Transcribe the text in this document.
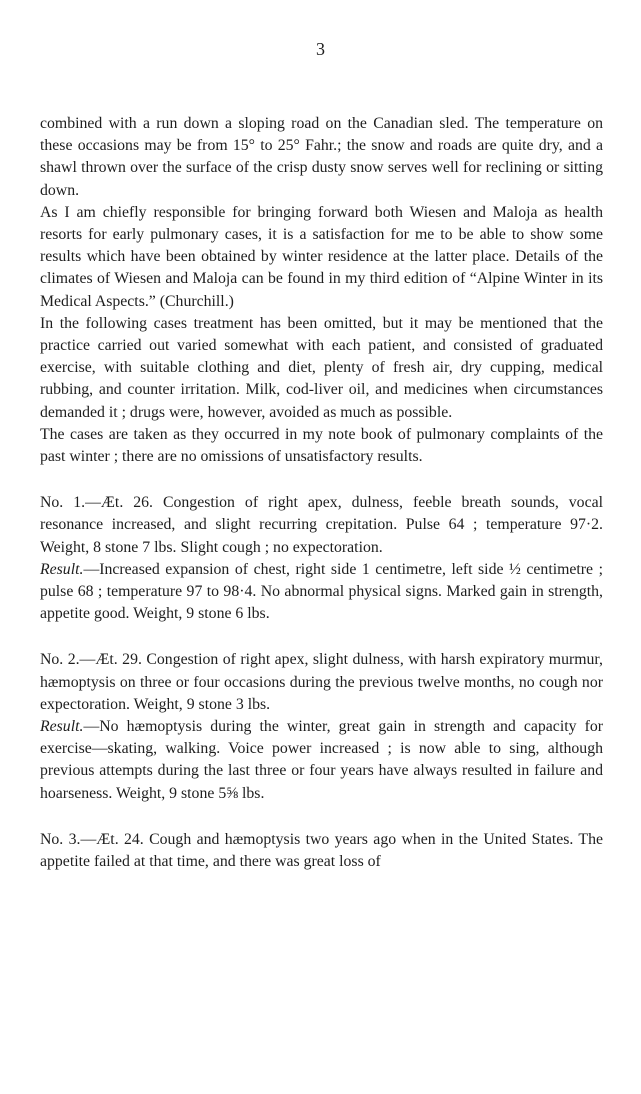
3

combined with a run down a sloping road on the Canadian sled. The temperature on these occasions may be from 15° to 25° Fahr.; the snow and roads are quite dry, and a shawl thrown over the surface of the crisp dusty snow serves well for reclining or sitting down.

As I am chiefly responsible for bringing forward both Wiesen and Maloja as health resorts for early pulmonary cases, it is a satisfaction for me to be able to show some results which have been obtained by winter residence at the latter place. Details of the climates of Wiesen and Maloja can be found in my third edition of “Alpine Winter in its Medical Aspects.” (Churchill.)

In the following cases treatment has been omitted, but it may be mentioned that the practice carried out varied somewhat with each patient, and consisted of graduated exercise, with suitable clothing and diet, plenty of fresh air, dry cupping, medical rubbing, and counter irritation. Milk, cod-liver oil, and medicines when circumstances demanded it ; drugs were, however, avoided as much as possible.

The cases are taken as they occurred in my note book of pulmonary complaints of the past winter ; there are no omissions of unsatisfactory results.

No. 1.—Æt. 26. Congestion of right apex, dulness, feeble breath sounds, vocal resonance increased, and slight recurring crepitation. Pulse 64 ; temperature 97·2. Weight, 8 stone 7 lbs. Slight cough ; no expectoration.

Result.—Increased expansion of chest, right side 1 centimetre, left side ½ centimetre ; pulse 68 ; temperature 97 to 98·4. No abnormal physical signs. Marked gain in strength, appetite good. Weight, 9 stone 6 lbs.

No. 2.—Æt. 29. Congestion of right apex, slight dulness, with harsh expiratory murmur, hæmoptysis on three or four occasions during the previous twelve months, no cough nor expectoration. Weight, 9 stone 3 lbs.

Result.—No hæmoptysis during the winter, great gain in strength and capacity for exercise—skating, walking. Voice power increased ; is now able to sing, although previous attempts during the last three or four years have always resulted in failure and hoarseness. Weight, 9 stone 5⅝ lbs.

No. 3.—Æt. 24. Cough and hæmoptysis two years ago when in the United States. The appetite failed at that time, and there was great loss of
